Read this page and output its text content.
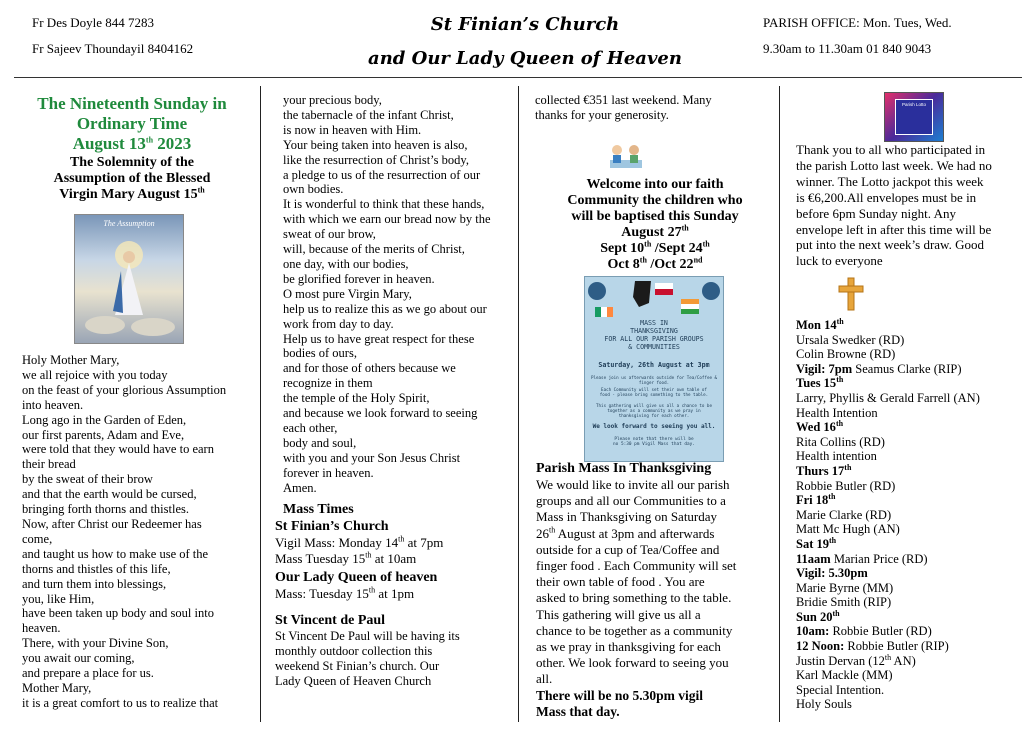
Fr Des Doyle 844 7283
Fr Sajeev Thoundayil 8404162
St Finian’s Church
and Our Lady Queen of Heaven
PARISH OFFICE: Mon. Tues, Wed.
9.30am to 11.30am 01 840 9043
The Nineteenth Sunday in
Ordinary Time
August 13th 2023
The Solemnity of the
Assumption of the Blessed
Virgin Mary August 15th
The Assumption

Holy Mother Mary,

we all rejoice with you today

on the feast of your glorious Assumption

into heaven.

Long ago in the Garden of Eden,

our first parents, Adam and Eve,

were told that they would have to earn

their bread

by the sweat of their brow

and that the earth would be cursed,

bringing forth thorns and thistles.

Now, after Christ our Redeemer has

come,

and taught us how to make use of the

thorns and thistles of this life,

and turn them into blessings,

you, like Him,

have been taken up body and soul into

heaven.

There, with your Divine Son,

you await our coming,

and prepare a place for us.

Mother Mary,

it is a great comfort to us to realize that

your precious body,

the tabernacle of the infant Christ,

is now in heaven with Him.

Your being taken into heaven is also,

like the resurrection of Christ’s body,

a pledge to us of the resurrection of our

own bodies.

It is wonderful to think that these hands,

with which we earn our bread now by the

sweat of our brow,

will, because of the merits of Christ,

one day, with our bodies,

be glorified forever in heaven.

O most pure Virgin Mary,

help us to realize this as we go about our

work from day to day.

Help us to have great respect for these

bodies of ours,

and for those of others because we

recognize in them

the temple of the Holy Spirit,

and because we look forward to seeing

each other,

body and soul,

with you and your Son Jesus Christ

forever in heaven.

Amen.

Mass Times
St Finian’s Church

Vigil Mass: Monday 14th at 7pm

Mass Tuesday 15th at 10am

Our Lady Queen of heaven

Mass: Tuesday 15th at 1pm

St Vincent de Paul

St Vincent De Paul will be having its

monthly outdoor collection this

weekend St Finian’s church. Our

Lady Queen of Heaven Church

collected €351 last weekend. Many

thanks for your generosity.

Welcome into our faith
Community the children who
will be baptised this Sunday
August 27th
Sept 10th /Sept 24th
Oct 8th /Oct 22nd
MASS IN
THANKSGIVING
FOR ALL OUR PARISH GROUPS
& COMMUNITIES
Saturday, 26th August at 3pm
Please join us afterwards outside for Tea/Coffee & finger food.
Each Community will set their own table of food - please bring something to the table.
This gathering will give us all a chance to be together as a community as we pray in thanksgiving for each other.
We look forward to seeing you all.
Please note that there will be no 5:30 pm Vigil Mass that day.
Parish Mass In Thanksgiving

We would like to invite all our parish

groups and all our Communities to a

Mass in Thanksgiving on Saturday

26th August at 3pm and afterwards

outside for a cup of Tea/Coffee and

finger food . Each Community will set

their own table of food . You are

asked to bring something to the table.

This gathering will give us all a

chance to be together as a community

as we pray in thanksgiving for each

other. We look forward to seeing you

all.

There will be no 5.30pm vigil
Mass that day.
Parish Lotto

Thank you to all who participated in

the parish Lotto last week. We had no

winner. The Lotto jackpot this week

is €6,200.All envelopes must be in

before 6pm Sunday night. Any

envelope left in after this time will be

put into the next week’s draw. Good

luck to everyone

Mon 14th

Ursala Swedker (RD)

Colin Browne (RD)

Vigil: 7pm Seamus Clarke (RIP)

Tues 15th

Larry, Phyllis & Gerald Farrell (AN)

Health Intention

Wed 16th

Rita Collins (RD)

Health intention

Thurs 17th

Robbie Butler (RD)

Fri 18th

Marie Clarke (RD)

Matt Mc Hugh (AN)

Sat 19th

11aam Marian Price (RD)

Vigil: 5.30pm

Marie Byrne (MM)

Bridie Smith (RIP)

Sun 20th

10am: Robbie Butler (RD)

12 Noon: Robbie Butler (RIP)

Justin Dervan (12th AN)

Karl Mackle (MM)

Special Intention.

Holy Souls
